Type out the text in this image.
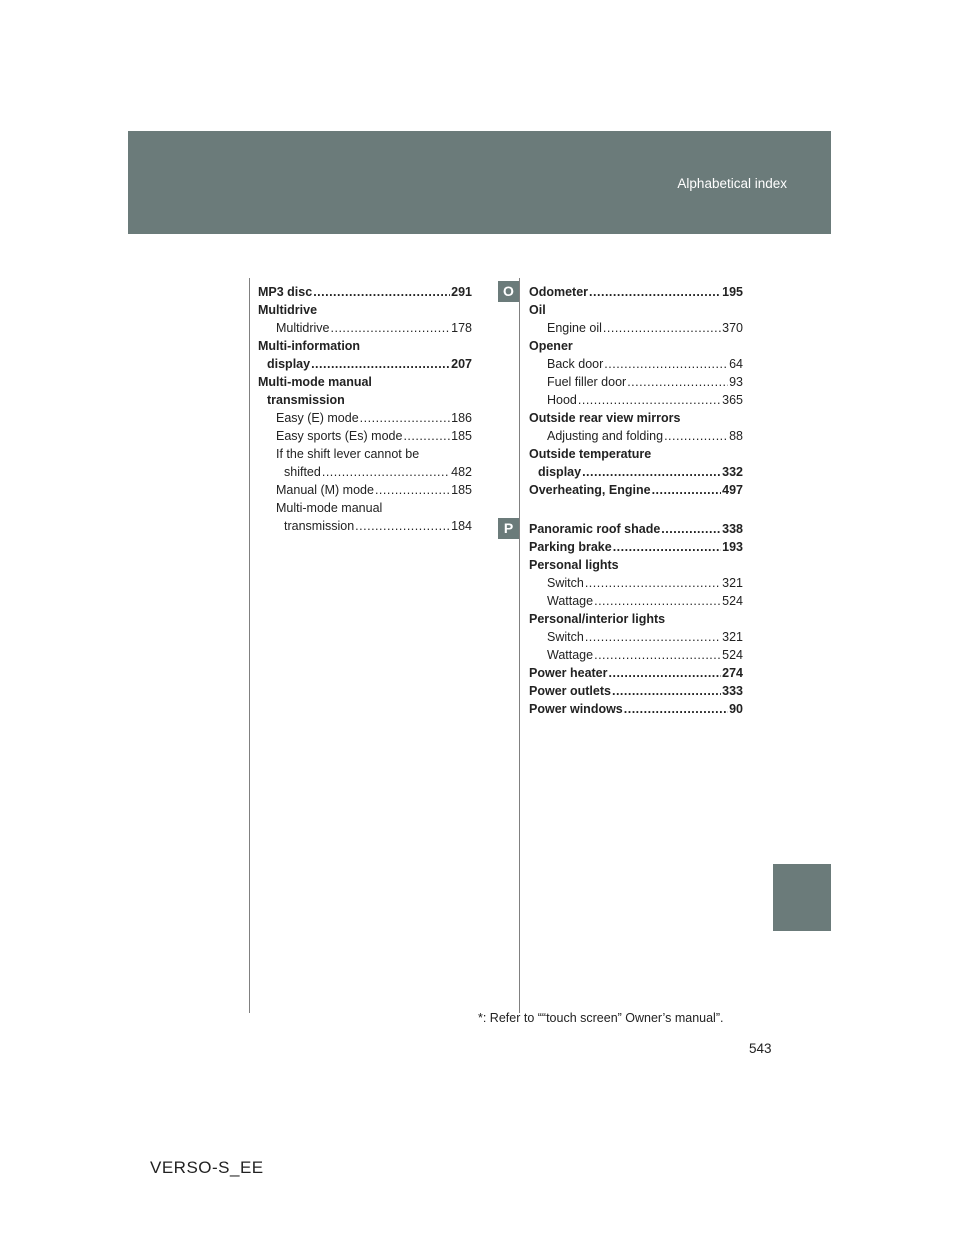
Alphabetical index
MP3 disc .....	291
Multidrive
Multidrive .....	178
Multi-information
display .....	207
Multi-mode manual
transmission
Easy (E) mode .....	186
Easy sports (Es) mode .....	185
If the shift lever cannot be
shifted .....	482
Manual (M) mode .....	185
Multi-mode manual
transmission .....	184
O
P
Odometer .....	195
Oil
Engine oil .....	370
Opener
Back door .....	64
Fuel filler door .....	93
Hood .....	365
Outside rear view mirrors
Adjusting and folding .....	88
Outside temperature
display .....	332
Overheating, Engine .....	497
Panoramic roof shade .....	338
Parking brake .....	193
Personal lights
Switch .....	321
Wattage .....	524
Personal/interior lights
Switch .....	321
Wattage .....	524
Power heater .....	274
Power outlets .....	333
Power windows .....	90
*: Refer to ““touch screen” Owner’s manual”.
543
VERSO-S_EE
